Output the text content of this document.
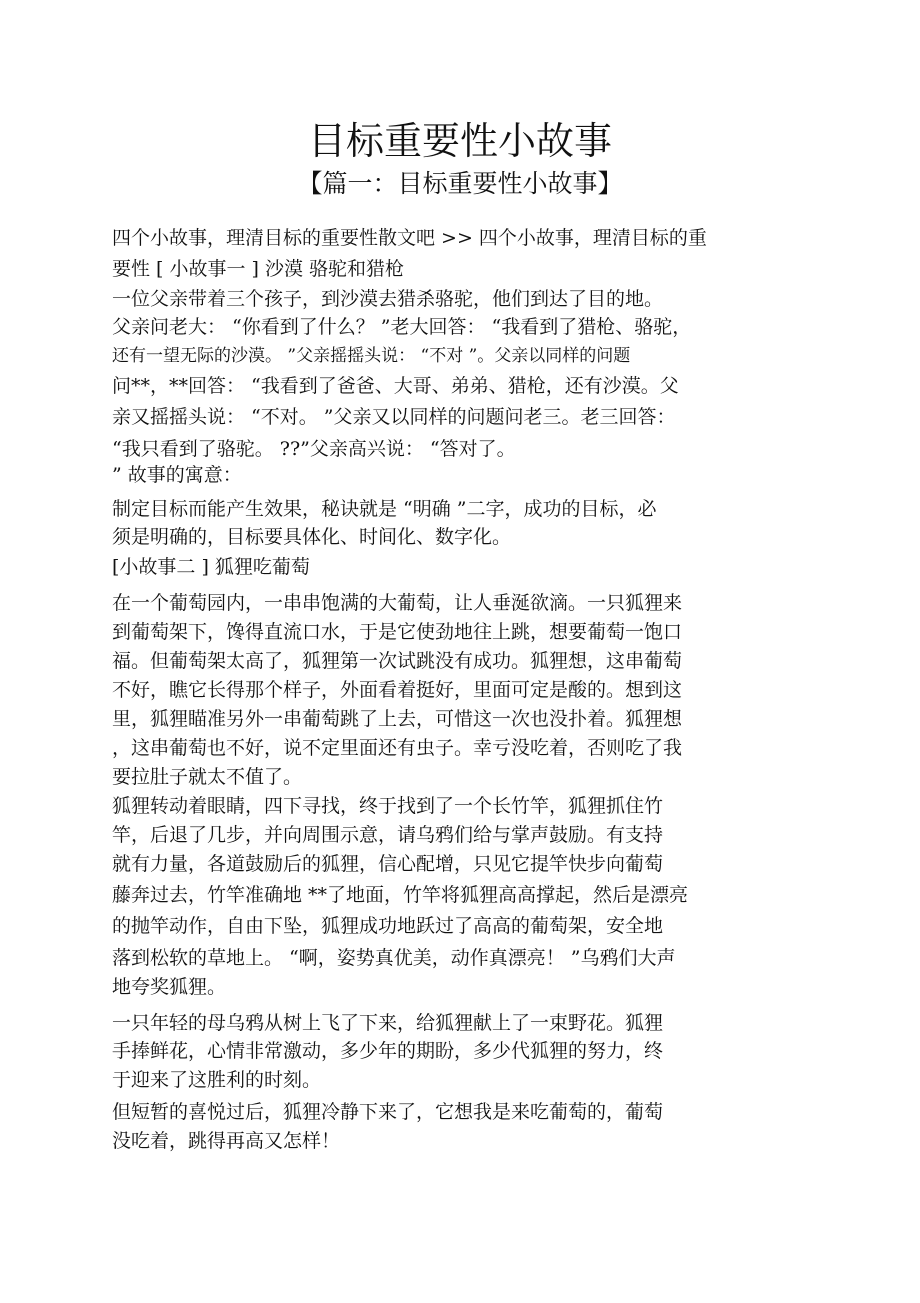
目标重要性小故事
【篇一：目标重要性小故事】
四个小故事，理清目标的重要性散文吧 >> 四个小故事，理清目标的重
要性 [ 小故事一 ] 沙漠 骆驼和猎枪
一位父亲带着三个孩子，到沙漠去猎杀骆驼，他们到达了目的地。
父亲问老大： “你看到了什么？ ”老大回答： “我看到了猎枪、骆驼，
还有一望无际的沙漠。 ”父亲摇摇头说： “不对 ”。父亲以同样的问题
问**，**回答： “我看到了爸爸、大哥、弟弟、猎枪，还有沙漠。父
亲又摇摇头说： “不对。 ”父亲又以同样的问题问老三。老三回答：
“我只看到了骆驼。 ??”父亲高兴说： “答对了。
” 故事的寓意：
制定目标而能产生效果，秘诀就是 “明确 ”二字，成功的目标，必
须是明确的，目标要具体化、时间化、数字化。
[小故事二 ] 狐狸吃葡萄
在一个葡萄园内，一串串饱满的大葡萄，让人垂涎欲滴。一只狐狸来
到葡萄架下，馋得直流口水，于是它使劲地往上跳，想要葡萄一饱口
福。但葡萄架太高了，狐狸第一次试跳没有成功。狐狸想，这串葡萄
不好，瞧它长得那个样子，外面看着挺好，里面可定是酸的。想到这
里，狐狸瞄准另外一串葡萄跳了上去，可惜这一次也没扑着。狐狸想
，这串葡萄也不好，说不定里面还有虫子。幸亏没吃着，否则吃了我
要拉肚子就太不值了。
狐狸转动着眼睛，四下寻找，终于找到了一个长竹竿，狐狸抓住竹
竿，后退了几步，并向周围示意，请乌鸦们给与掌声鼓励。有支持
就有力量，各道鼓励后的狐狸，信心配增，只见它提竿快步向葡萄
藤奔过去，竹竿准确地 **了地面，竹竿将狐狸高高撑起，然后是漂亮
的抛竿动作，自由下坠，狐狸成功地跃过了高高的葡萄架，安全地
落到松软的草地上。 “啊，姿势真优美，动作真漂亮！ ”乌鸦们大声
地夸奖狐狸。
一只年轻的母乌鸦从树上飞了下来，给狐狸献上了一束野花。狐狸
手捧鲜花，心情非常激动，多少年的期盼，多少代狐狸的努力，终
于迎来了这胜利的时刻。
但短暂的喜悦过后，狐狸冷静下来了，它想我是来吃葡萄的，葡萄
没吃着，跳得再高又怎样！
